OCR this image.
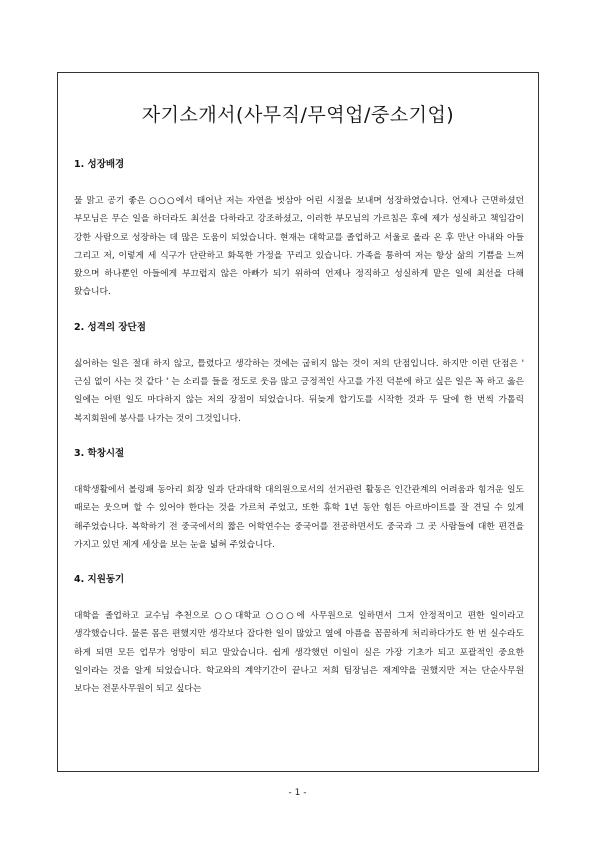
자기소개서(사무직/무역업/중소기업)
1. 성장배경

물 맑고 공기 좋은 ○○○에서 태어난 저는 자연을 벗삼아 어린 시절을 보내며 성장하였습니다. 언제나 근면하셨던 부모님은 무슨 일을 하더라도 최선을 다하라고 강조하셨고, 이러한 부모님의 가르침은 후에 제가 성실하고 책임감이 강한 사람으로 성장하는 데 많은 도움이 되었습니다. 현재는 대학교를 졸업하고 서울로 올라 온 후 만난 아내와 아들 그리고 저, 이렇게 세 식구가 단란하고 화목한 가정을 꾸리고 있습니다. 가족을 통하여 저는 항상 삶의 기쁨을 느껴 왔으며 하나뿐인 아들에게 부끄럽지 않은 아빠가 되기 위하여 언제나 정직하고 성실하게 맡은 일에 최선을 다해 왔습니다.

2. 성격의 장단점

싫어하는 일은 절대 하지 않고, 틀렸다고 생각하는 것에는 굽히지 않는 것이 저의 단점입니다. 하지만 이런 단점은 ' 근심 없이 사는 것 같다 ' 는 소리를 들을 정도로 웃음 많고 긍정적인 사고를 가진 덕분에 하고 싶은 일은 꼭 하고 옳은 일에는 어떤 일도 마다하지 않는 저의 장점이 되었습니다. 뒤늦게 합기도를 시작한 것과 두 달에 한 번씩 가톨릭 복지회원에 봉사를 나가는 것이 그것입니다.

3. 학창시절

대학생활에서 볼링패 동아리 회장 일과 단과대학 대의원으로서의 선거관련 활동은 인간관계의 어려움과 힘겨운 일도 때로는 웃으며 할 수 있어야 한다는 것을 가르쳐 주었고, 또한 휴학 1년 동안 힘든 아르바이트를 잘 견딜 수 있게 해주었습니다. 복학하기 전 중국에서의 짧은 어학연수는 중국어를 전공하면서도 중국과 그 곳 사람들에 대한 편견을 가지고 있던 제게 세상을 보는 눈을 넓혀 주었습니다.

4. 지원동기

대학을 졸업하고 교수님 추천으로 ○○대학교 ○○○에 사무원으로 일하면서 그저 안정적이고 편한 일이라고 생각했습니다. 물론 몸은 편했지만 생각보다 잡다한 일이 많았고 옆에 아픔을 꼼꼼하게 처리하다가도 한 번 실수라도 하게 되면 모든 업무가 엉망이 되고 말았습니다. 쉽게 생각했던 이일이 실은 가장 기초가 되고 포괄적인 중요한 일이라는 것을 알게 되었습니다. 학교와의 계약기간이 끝나고 저희 팀장님은 재계약을 권했지만 저는 단순사무원 보다는 전문사무원이 되고 싶다는

- 1 -
